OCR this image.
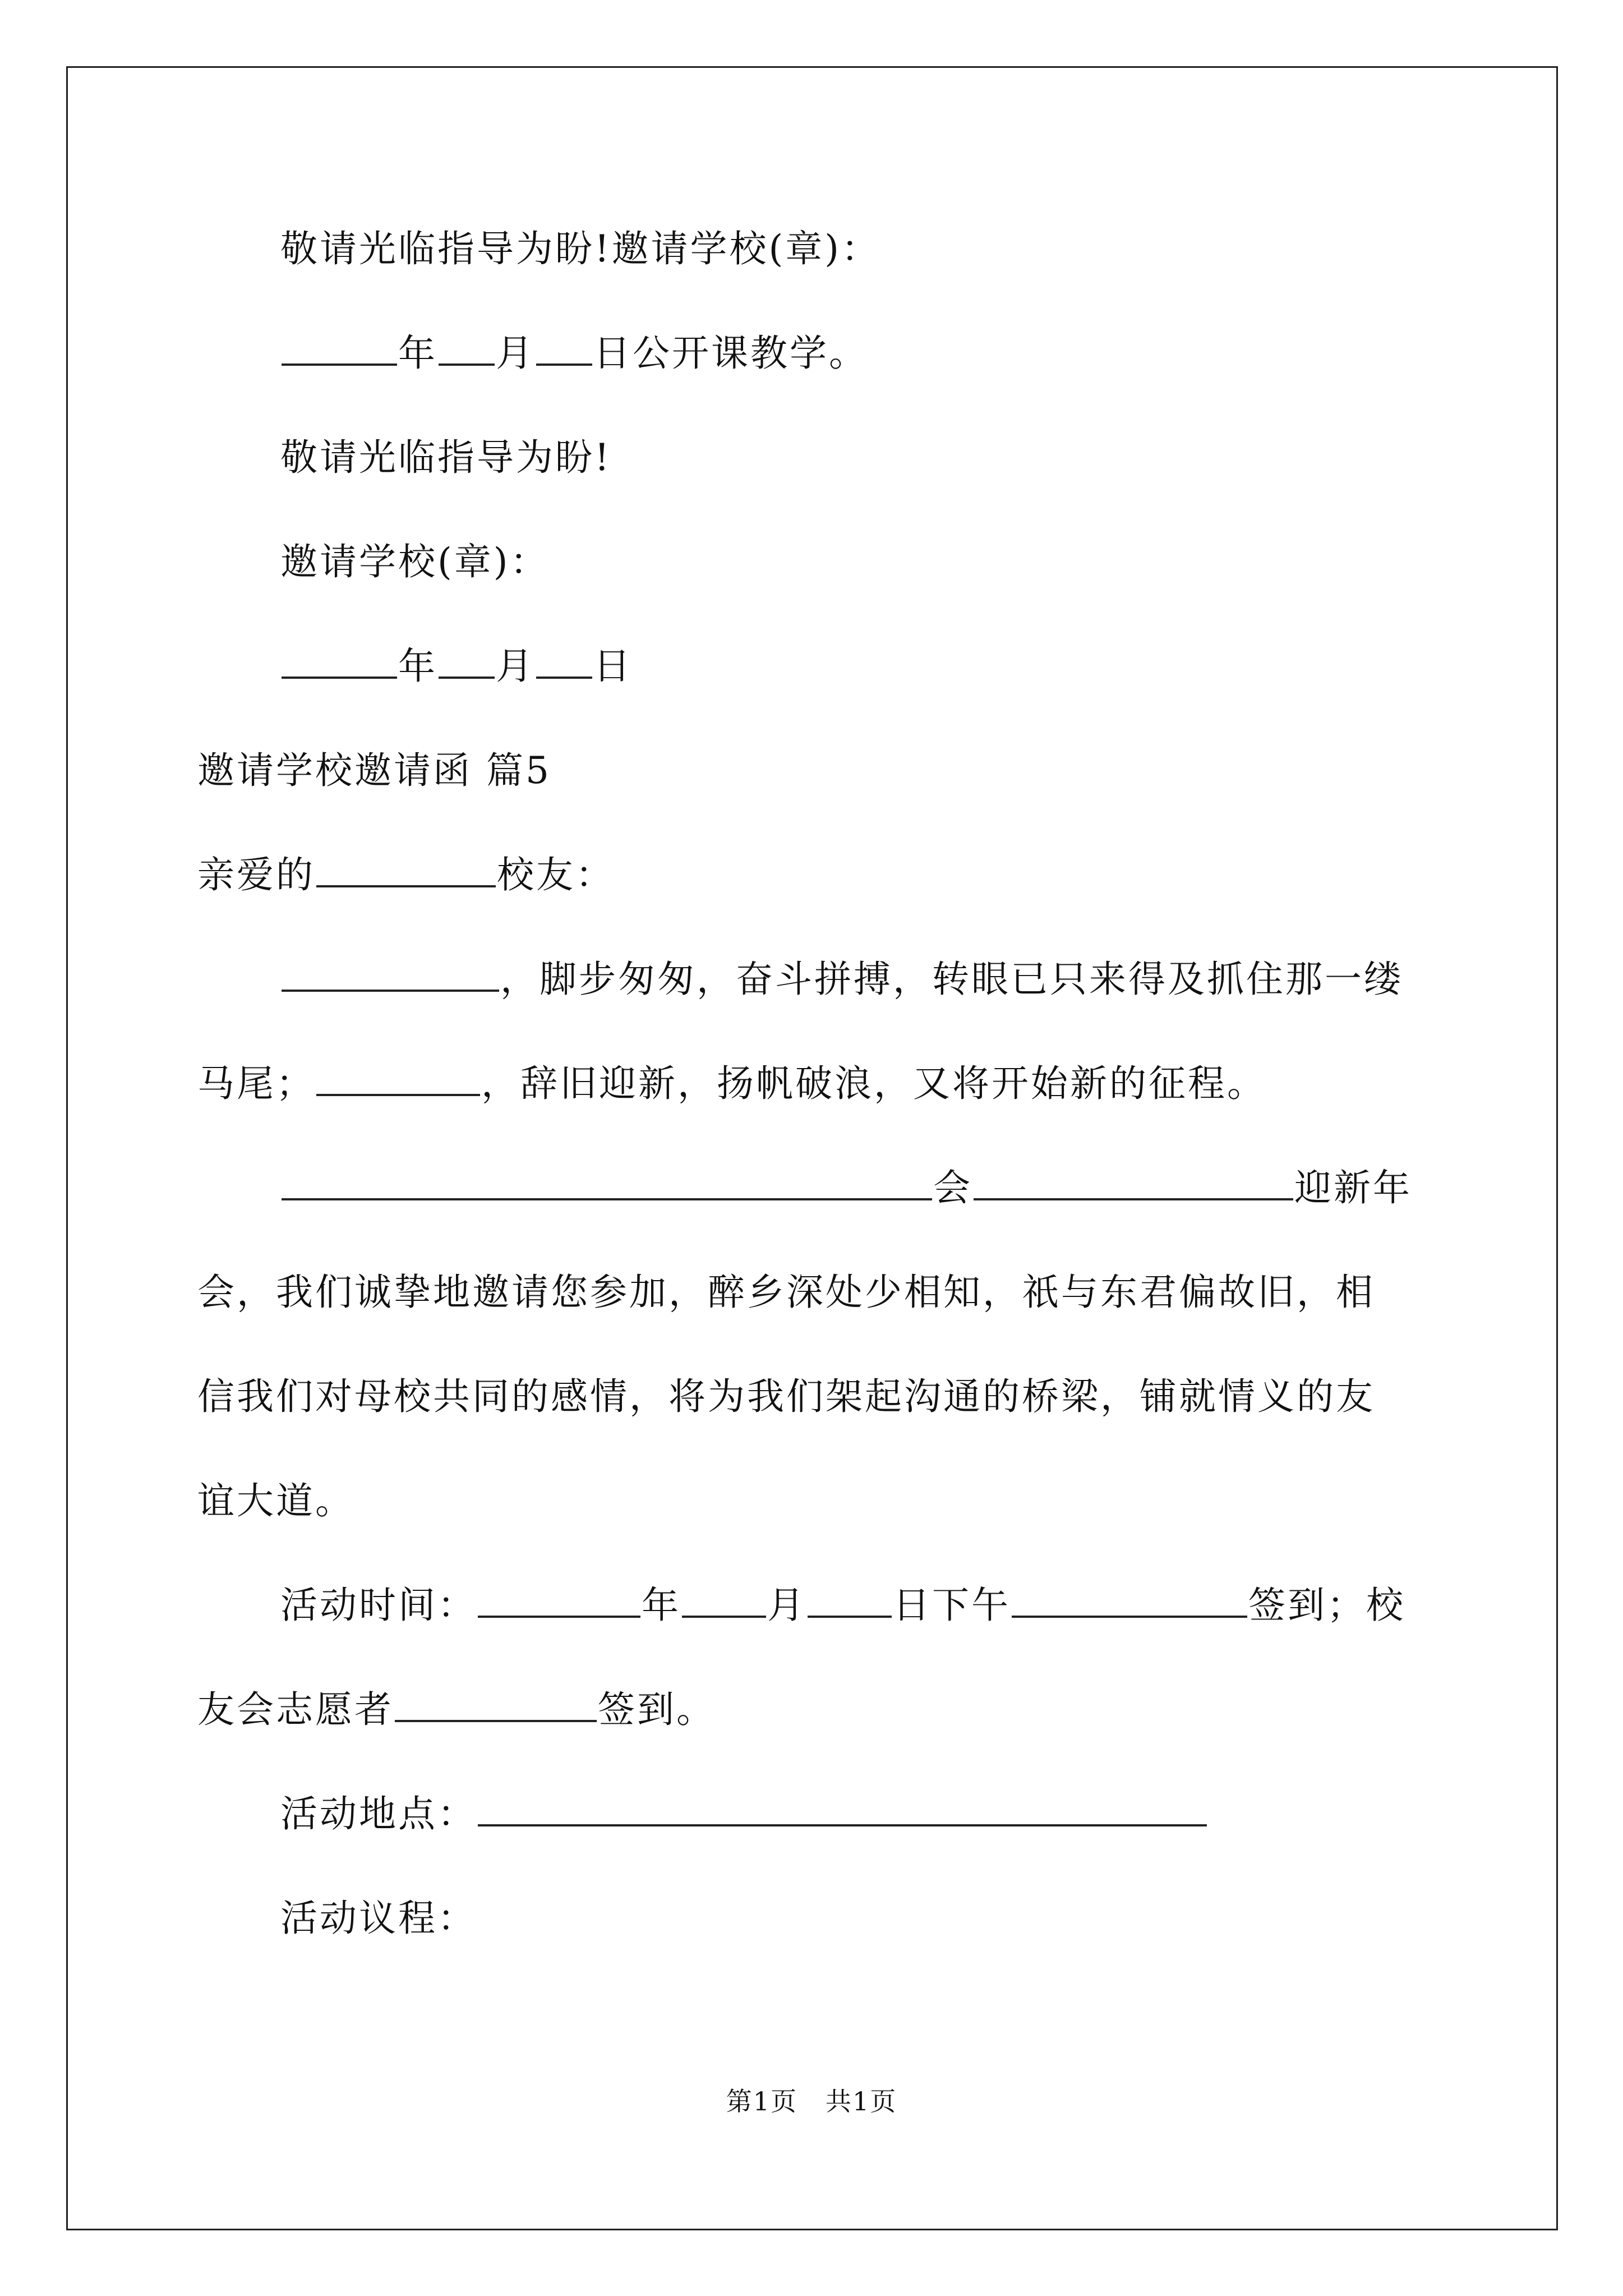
敬请光临指导为盼!邀请学校(章)：
年 月 日公开课教学。
敬请光临指导为盼!
邀请学校(章)：
年 月 日
邀请学校邀请函 篇5
亲爱的	校友：
，脚步匆匆，奋斗拼搏，转眼已只来得及抓住那一缕
马尾；	，辞旧迎新，扬帆破浪，又将开始新的征程。
会	迎新年
会，我们诚挚地邀请您参加，醉乡深处少相知，祇与东君偏故旧，相
信我们对母校共同的感情，将为我们架起沟通的桥梁，铺就情义的友
谊大道。
活动时间：	年 月 日下午	签到；校
友会志愿者	签到。
活动地点：
活动议程：
第1页 共1页
